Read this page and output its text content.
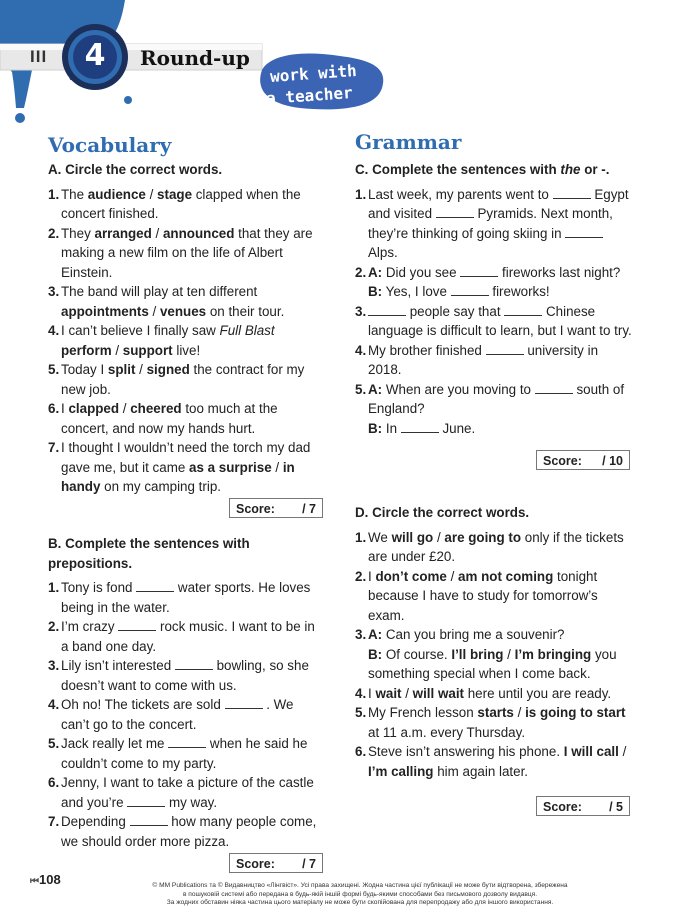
III 4 Round-up
work with
a teacher
Vocabulary	Grammar
A. Circle the correct words.
1. The audience / stage clapped when the concert finished.
2. They arranged / announced that they are making a new film on the life of Albert Einstein.
3. The band will play at ten different appointments / venues on their tour.
4. I can’t believe I finally saw Full Blast perform / support live!
5. Today I split / signed the contract for my new job.
6. I clapped / cheered too much at the concert, and now my hands hurt.
7. I thought I wouldn’t need the torch my dad gave me, but it came as a surprise / in handy on my camping trip.
Score: / 7
B. Complete the sentences with prepositions.
1. Tony is fond	water sports. He loves being in the water.
2. I’m crazy	rock music. I want to be in a band one day.
3. Lily isn’t interested	bowling, so she doesn’t want to come with us.
4. Oh no! The tickets are sold	. We can’t go to the concert.
5. Jack really let me	when he said he couldn’t come to my party.
6. Jenny, I want to take a picture of the castle and you’re	my way.
7. Depending	how many people come, we should order more pizza.
Score: / 7
C. Complete the sentences with the or -.
1. Last week, my parents went to	Egypt and visited	Pyramids. Next month, they’re thinking of going skiing in  Alps.
2. A: Did you see	fireworks last night?
B: Yes, I love	fireworks!
3.	people say that	Chinese language is difficult to learn, but I want to try.
4. My brother finished	university in 2018.
5. A: When are you moving to	south of England?
B: In	June.
Score: / 10
D. Circle the correct words.
1. We will go / are going to only if the tickets are under £20.
2. I don’t come / am not coming tonight because I have to study for tomorrow’s exam.
3. A: Can you bring me a souvenir?
B: Of course. I’ll bring / I’m bringing you something special when I come back.
4. I wait / will wait here until you are ready.
5. My French lesson starts / is going to start at 11 a.m. every Thursday.
6. Steve isn’t answering his phone. I will call / I’m calling him again later.
Score: / 5
⏮108	© MM Publications та © Видавництво «Лінгвіст». Усі права захищені. Жодна частина цієї публікації не може бути відтворена, збережена
в пошуковій системі або передана в будь-якій іншій формі будь-якими способами без письмового дозволу видавця.
За жодних обставин ніяка частина цього матеріалу не може бути скопійована для перепродажу або для іншого використання.
